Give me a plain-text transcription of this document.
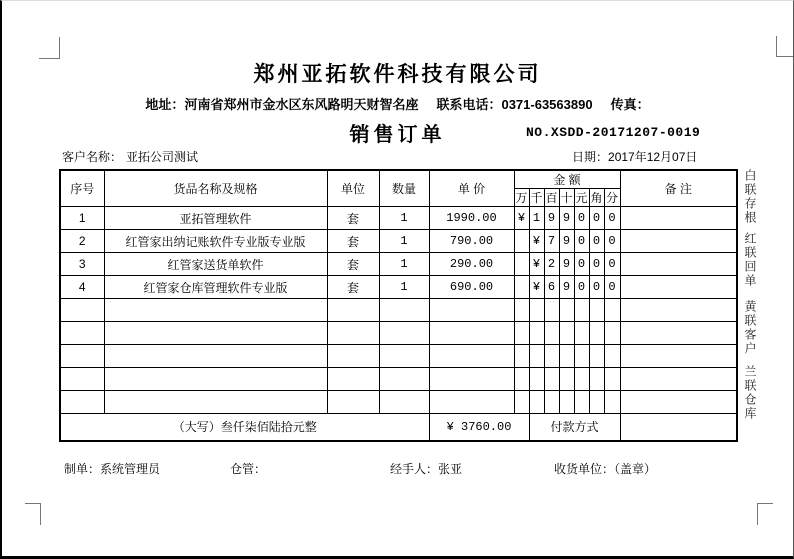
郑州亚拓软件科技有限公司
地址：河南省郑州市金水区东风路明天财智名座 联系电话：0371-63563890 传真：
销售订单	NO.XSDD-20171207-0019
日期：2017年12月07日
客户名称： 亚拓公司测试
序号	货品名称及规格	单位	数量	单 价	金 额							备 注
					万	千	百	十	元	角	分	
1	亚拓管理软件	套	1	1990.00	¥	1	9	9	0	0	0	
2	红管家出纳记账软件专业版专业版	套	1	790.00		¥	7	9	0	0	0	
3	红管家送货单软件	套	1	290.00		¥	2	9	0	0	0	
4	红管家仓库管理软件专业版	套	1	690.00		¥	6	9	0	0	0	

（大写）叁仟柒佰陆拾元整				¥ 3760.00		付款方式						
制单：系统管理员	仓管：	经手人：张亚	收货单位：（盖章）
白联存根
红联回单
黄联客户
兰联仓库
